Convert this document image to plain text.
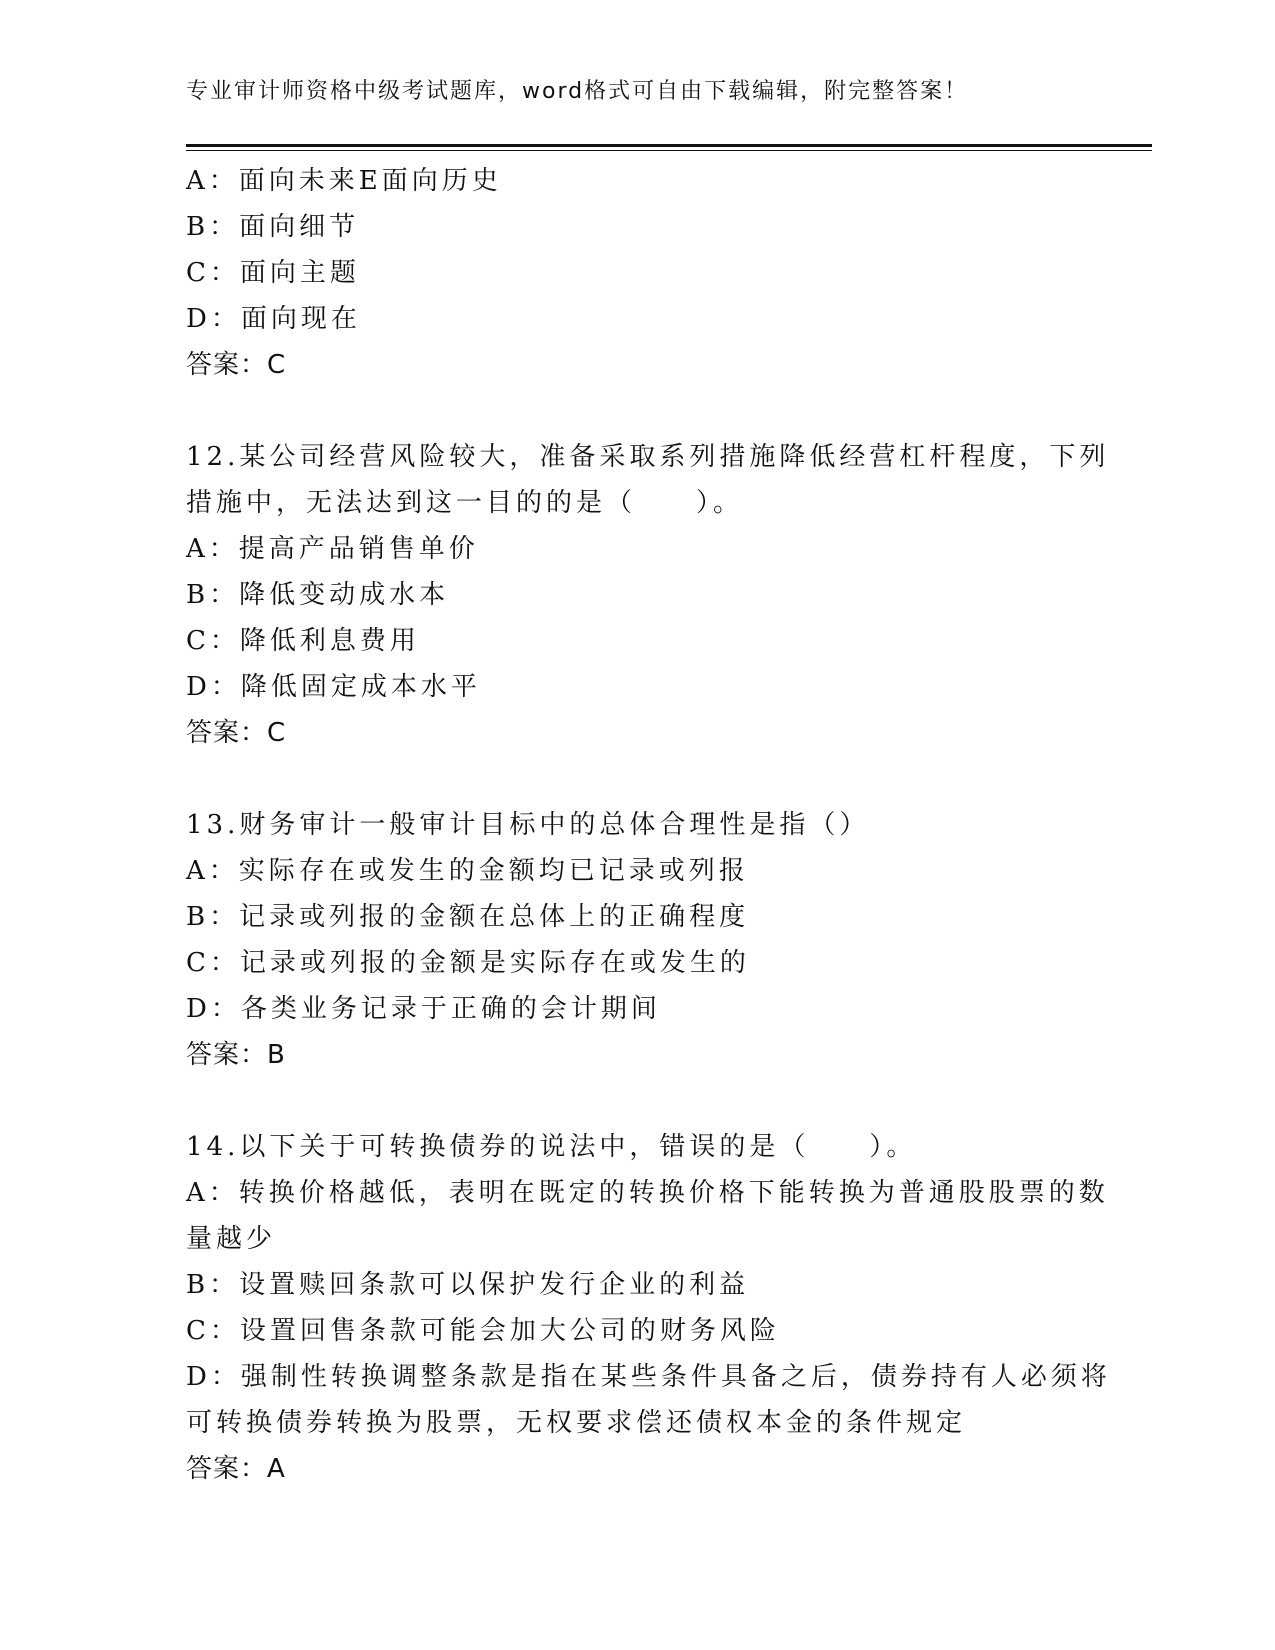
专业审计师资格中级考试题库，word格式可自由下载编辑，附完整答案！
A：面向未来E面向历史
B：面向细节
C：面向主题
D：面向现在
答案：C
12.某公司经营风险较大，准备采取系列措施降低经营杠杆程度，下列
措施中，无法达到这一目的的是（　　）。
A：提高产品销售单价
B：降低变动成水本
C：降低利息费用
D：降低固定成本水平
答案：C
13.财务审计一般审计目标中的总体合理性是指（）
A：实际存在或发生的金额均已记录或列报
B：记录或列报的金额在总体上的正确程度
C：记录或列报的金额是实际存在或发生的
D：各类业务记录于正确的会计期间
答案：B
14.以下关于可转换债券的说法中，错误的是（　　）。
A：转换价格越低，表明在既定的转换价格下能转换为普通股股票的数
量越少
B：设置赎回条款可以保护发行企业的利益
C：设置回售条款可能会加大公司的财务风险
D：强制性转换调整条款是指在某些条件具备之后，债券持有人必须将
可转换债券转换为股票，无权要求偿还债权本金的条件规定
答案：A
